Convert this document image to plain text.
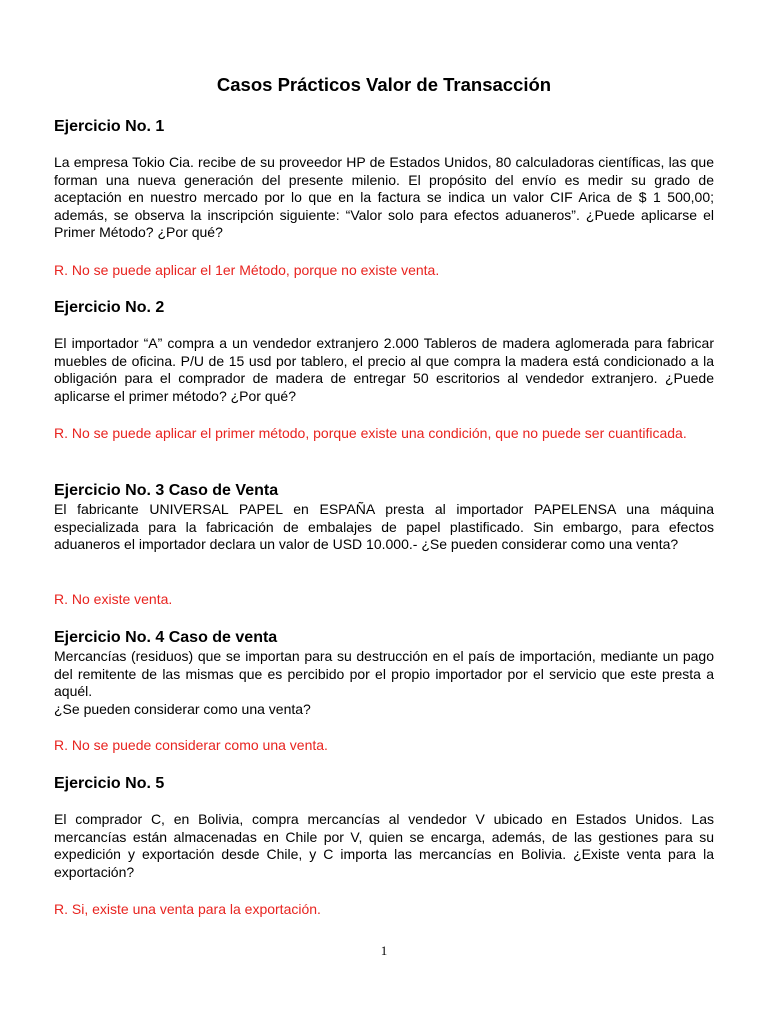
Casos Prácticos Valor de Transacción
Ejercicio No. 1

La empresa Tokio Cia. recibe de su proveedor HP de Estados Unidos, 80 calculadoras científicas, las que forman una nueva generación del presente milenio. El propósito del envío es medir su grado de aceptación en nuestro mercado por lo que en la factura se indica un valor CIF Arica de $ 1 500,00; además, se observa la inscripción siguiente: “Valor solo para efectos aduaneros”. ¿Puede aplicarse el Primer Método? ¿Por qué?

R. No se puede aplicar el 1er Método, porque no existe venta.

Ejercicio No. 2

El importador “A” compra a un vendedor extranjero 2.000 Tableros de madera aglomerada para fabricar muebles de oficina. P/U de 15 usd por tablero, el precio al que compra la madera está condicionado a la obligación para el comprador de madera de entregar 50 escritorios al vendedor extranjero. ¿Puede aplicarse el primer método? ¿Por qué?

R. No se puede aplicar el primer método, porque existe una condición, que no puede ser cuantificada.

Ejercicio No. 3 Caso de Venta

El fabricante UNIVERSAL PAPEL en ESPAÑA presta al importador PAPELENSA una máquina especializada para la fabricación de embalajes de papel plastificado. Sin embargo, para efectos aduaneros el importador declara un valor de USD 10.000.- ¿Se pueden considerar como una venta?

R. No existe venta.

Ejercicio No. 4 Caso de venta

Mercancías (residuos) que se importan para su destrucción en el país de importación, mediante un pago del remitente de las mismas que es percibido por el propio importador por el servicio que este presta a aquél.

¿Se pueden considerar como una venta?

R. No se puede considerar como una venta.

Ejercicio No. 5

El comprador C, en Bolivia, compra mercancías al vendedor V ubicado en Estados Unidos. Las mercancías están almacenadas en Chile por V, quien se encarga, además, de las gestiones para su expedición y exportación desde Chile, y C importa las mercancías en Bolivia. ¿Existe venta para la exportación?

R. Si, existe una venta para la exportación.

1
